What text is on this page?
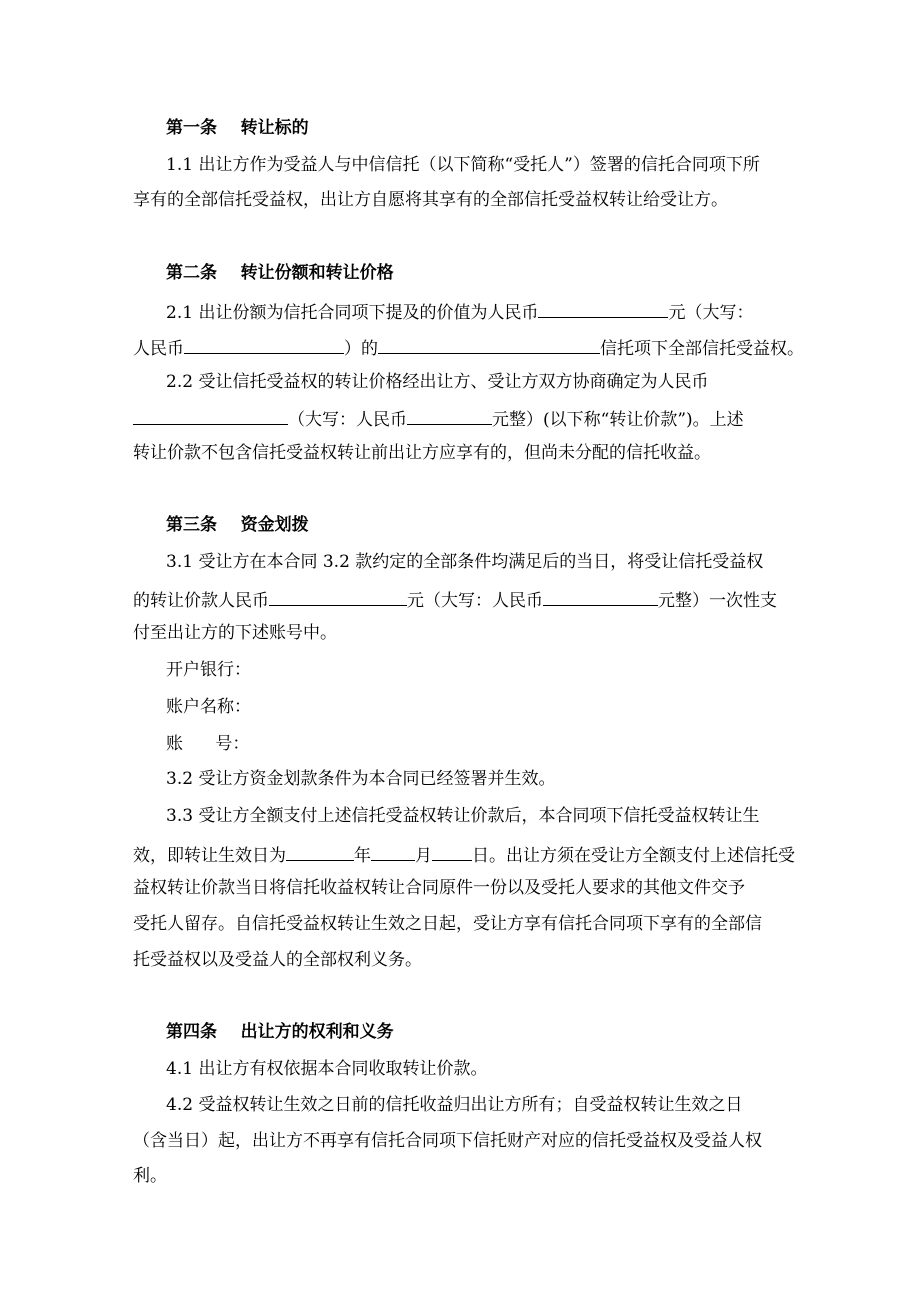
第一条    转让标的
1.1 出让方作为受益人与中信信托（以下简称“受托人”）签署的信托合同项下所
享有的全部信托受益权，出让方自愿将其享有的全部信托受益权转让给受让方。
第二条    转让份额和转让价格
2.1 出让份额为信托合同项下提及的价值为人民币	元（大写：
人民币	）的	信托项下全部信托受益权。
2.2 受让信托受益权的转让价格经出让方、受让方双方协商确定为人民币
（大写：人民币	元整）(以下称“转让价款”)。上述
转让价款不包含信托受益权转让前出让方应享有的，但尚未分配的信托收益。
第三条    资金划拨
3.1 受让方在本合同 3.2 款约定的全部条件均满足后的当日，将受让信托受益权
的转让价款人民币	元（大写：人民币	元整）一次性支
付至出让方的下述账号中。
开户银行：
账户名称：
账      号：
3.2 受让方资金划款条件为本合同已经签署并生效。
3.3 受让方全额支付上述信托受益权转让价款后，本合同项下信托受益权转让生
效，即转让生效日为	年	月 日。出让方须在受让方全额支付上述信托受
益权转让价款当日将信托收益权转让合同原件一份以及受托人要求的其他文件交予
受托人留存。自信托受益权转让生效之日起，受让方享有信托合同项下享有的全部信
托受益权以及受益人的全部权利义务。
第四条    出让方的权利和义务
4.1 出让方有权依据本合同收取转让价款。
4.2 受益权转让生效之日前的信托收益归出让方所有；自受益权转让生效之日
（含当日）起，出让方不再享有信托合同项下信托财产对应的信托受益权及受益人权
利。
